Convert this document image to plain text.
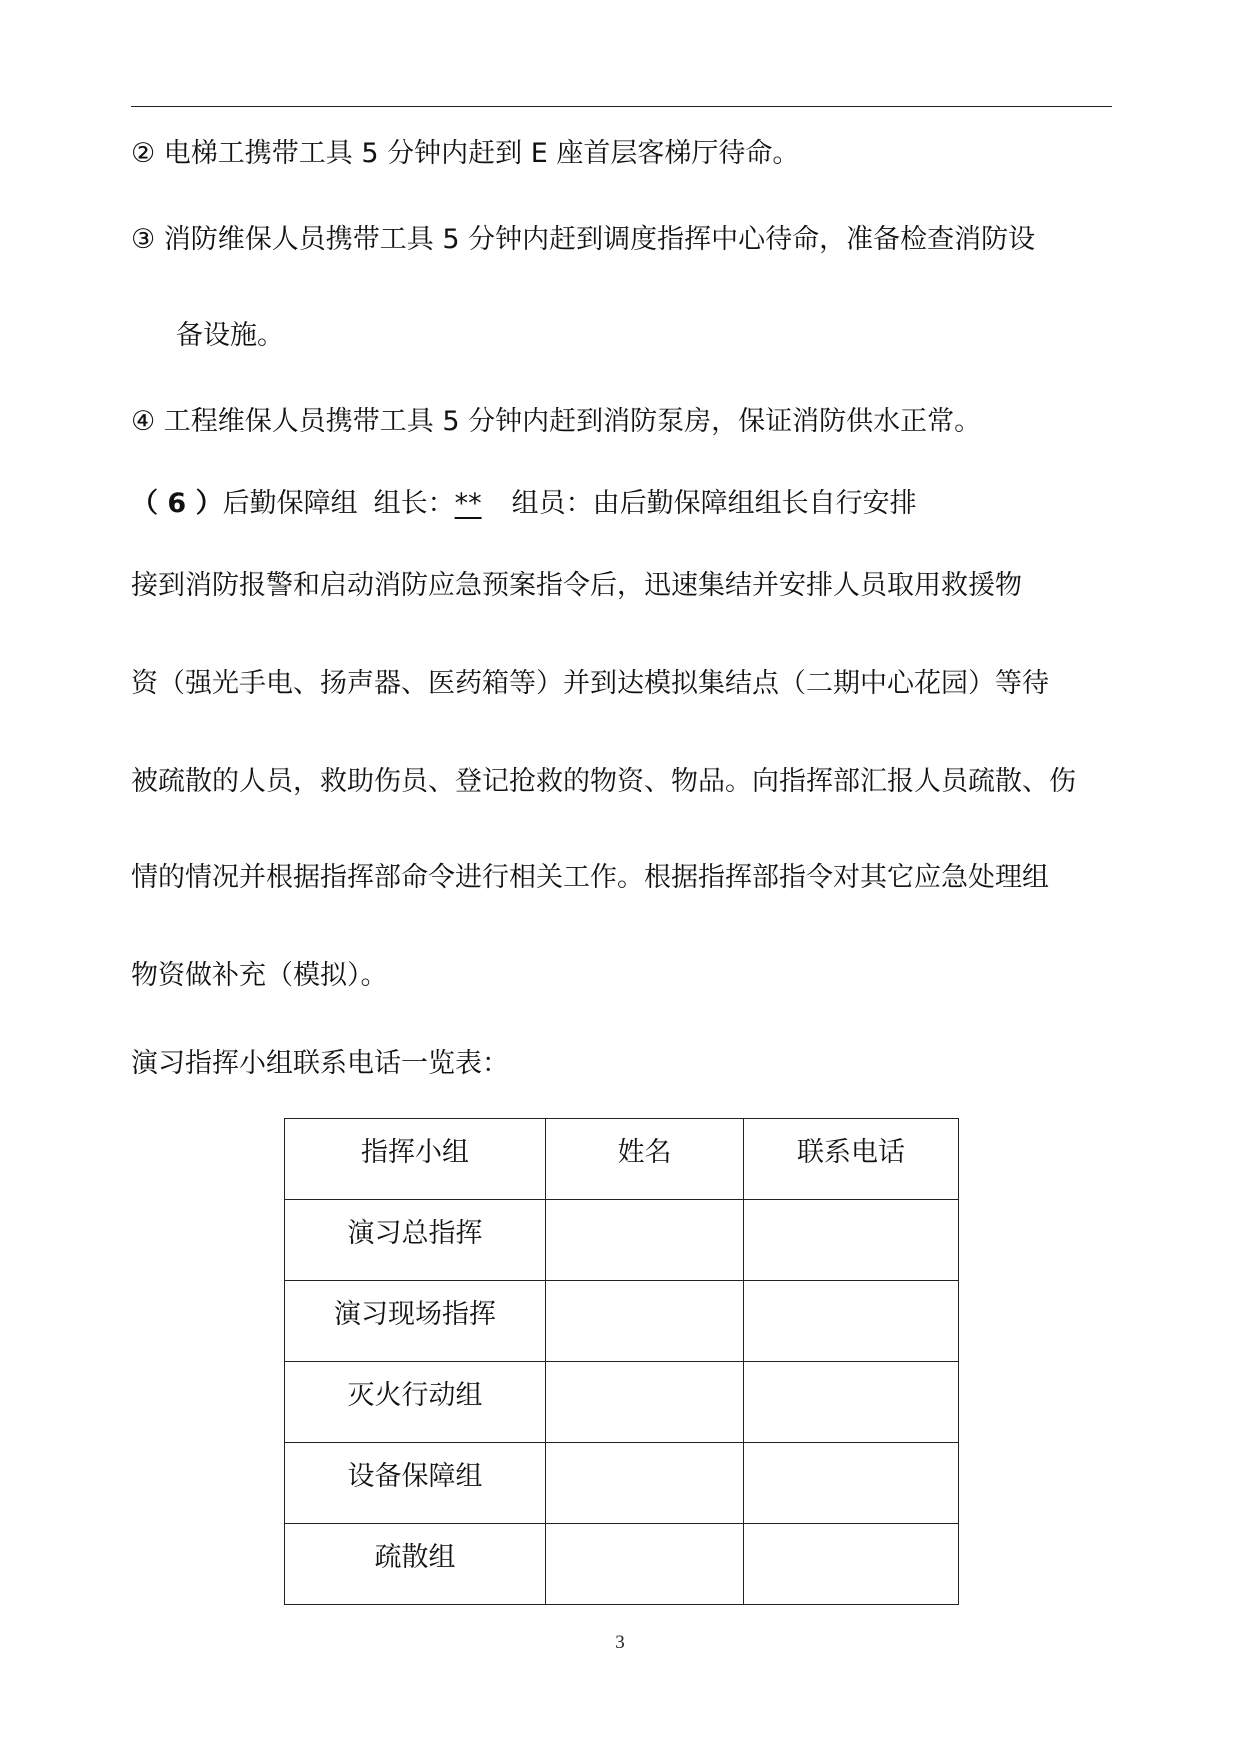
② 电梯工携带工具 5 分钟内赶到 E 座首层客梯厅待命。

③ 消防维保人员携带工具 5 分钟内赶到调度指挥中心待命，准备检查消防设

备设施。

④ 工程维保人员携带工具 5 分钟内赶到消防泵房，保证消防供水正常。

（ 6 ）后勤保障组 组长：** 组员：由后勤保障组组长自行安排

接到消防报警和启动消防应急预案指令后，迅速集结并安排人员取用救援物

资（强光手电、扬声器、医药箱等）并到达模拟集结点（二期中心花园）等待

被疏散的人员，救助伤员、登记抢救的物资、物品。向指挥部汇报人员疏散、伤

情的情况并根据指挥部命令进行相关工作。根据指挥部指令对其它应急处理组

物资做补充（模拟）。

演习指挥小组联系电话一览表：

指挥小组	姓名	联系电话

演习总指挥		

演习现场指挥		

灭火行动组		

设备保障组		

疏散组		

3
